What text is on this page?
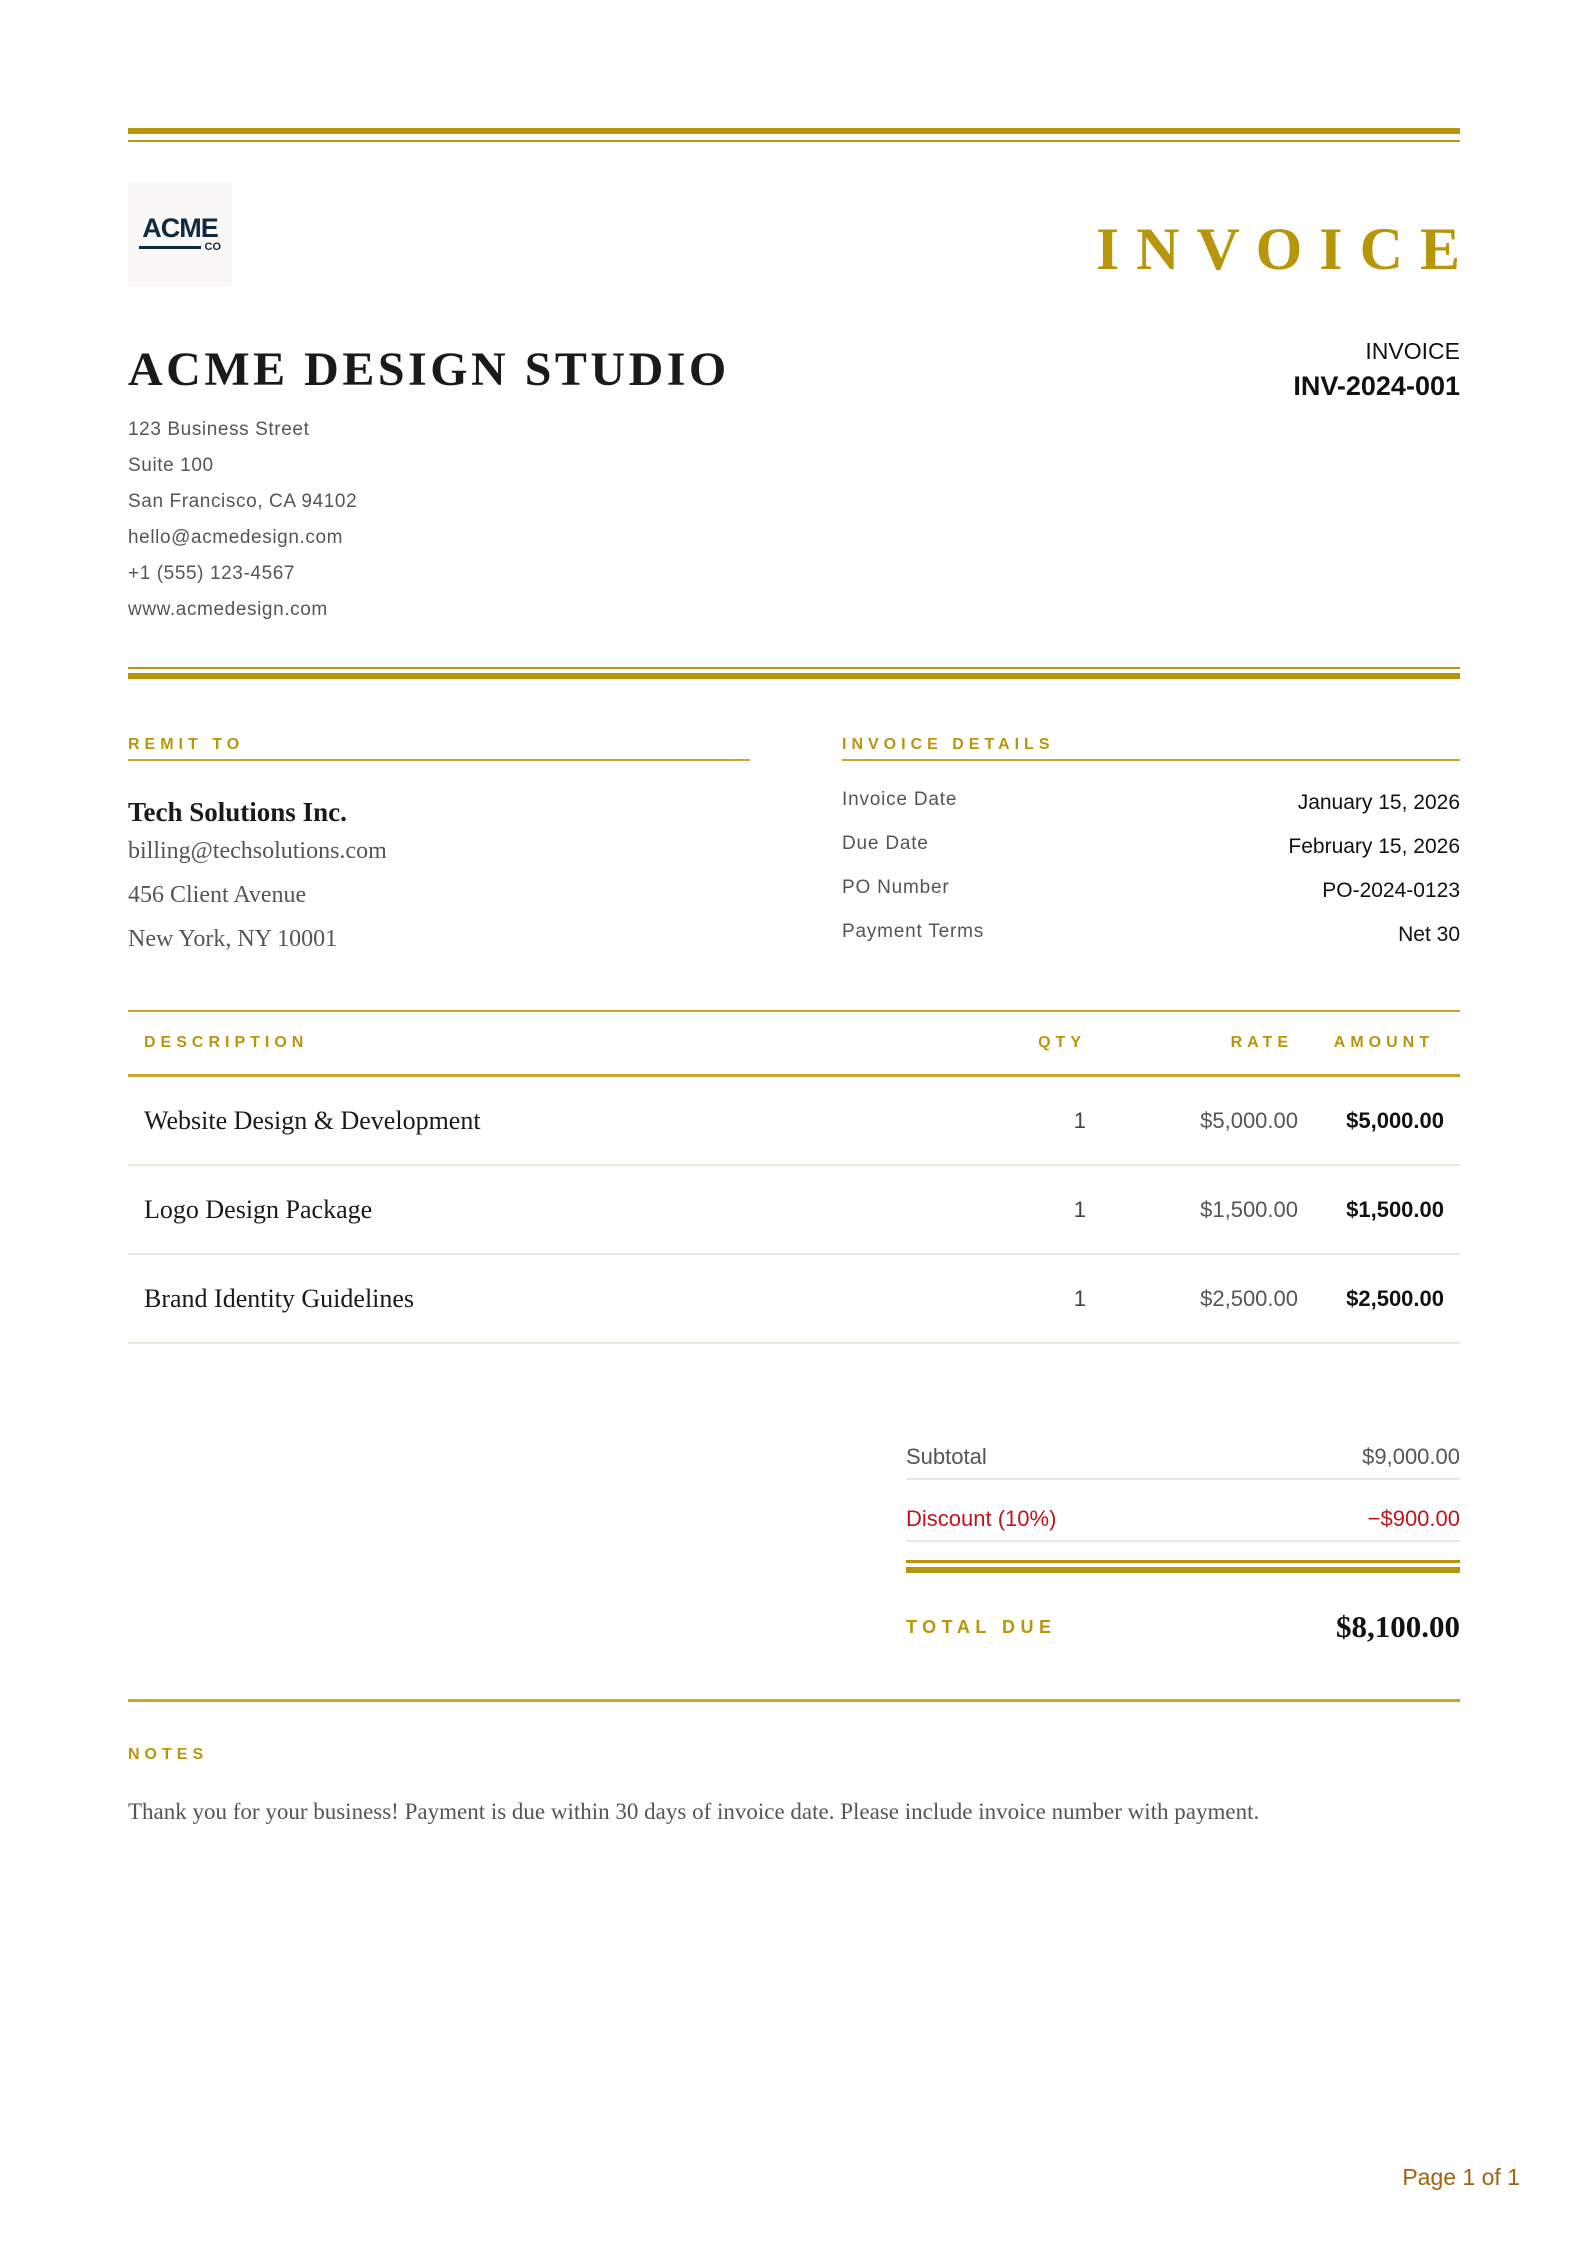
ACME
CO	INVOICE
ACME DESIGN STUDIO	INVOICE
INV-2024-001
123 Business Street
Suite 100
San Francisco, CA 94102
hello@acmedesign.com
+1 (555) 123-4567
www.acmedesign.com
REMIT TO
Tech Solutions Inc.
billing@techsolutions.com
456 Client Avenue
New York, NY 10001
INVOICE DETAILS
Invoice Date	January 15, 2026
Due Date	February 15, 2026
PO Number	PO-2024-0123
Payment Terms	Net 30
DESCRIPTION	QTY	RATE	AMOUNT
Website Design & Development	1	$5,000.00	$5,000.00
Logo Design Package	1	$1,500.00	$1,500.00
Brand Identity Guidelines	1	$2,500.00	$2,500.00
Subtotal	$9,000.00
Discount (10%)	−$900.00
TOTAL DUE	$8,100.00
NOTES
Thank you for your business! Payment is due within 30 days of invoice date. Please include invoice number with payment.
Page 1 of 1
